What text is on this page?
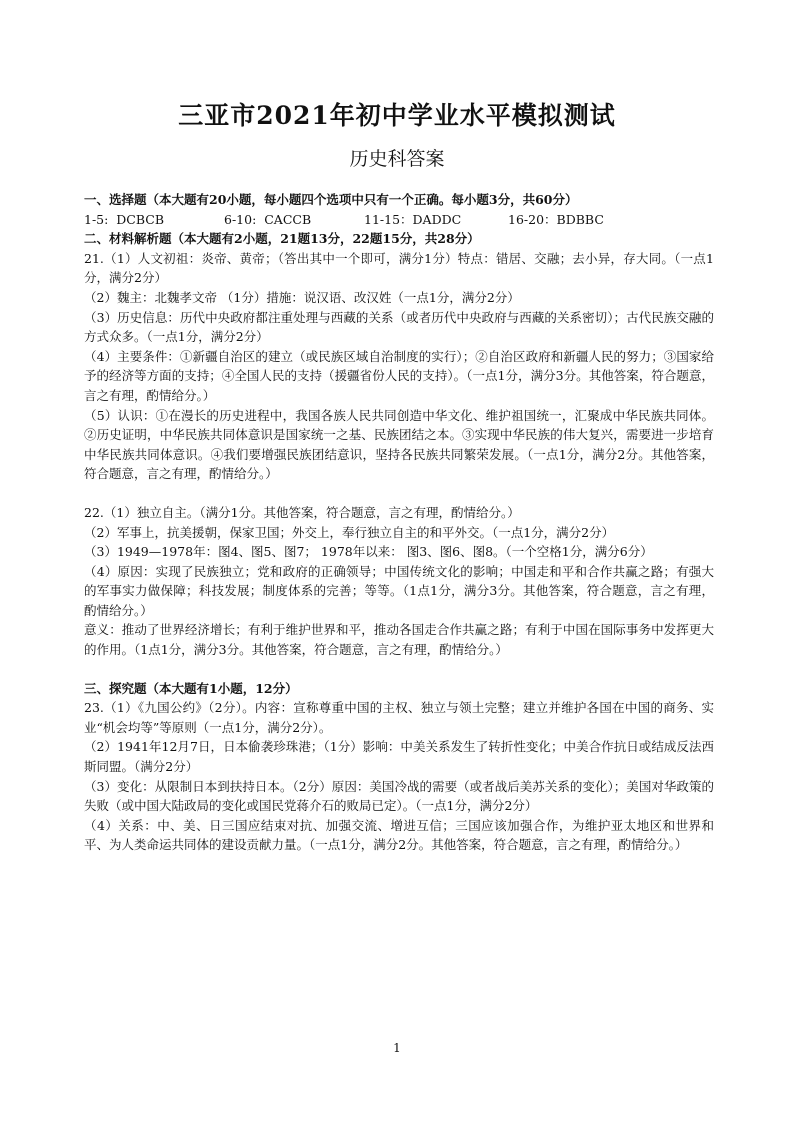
三亚市2021年初中学业水平模拟测试
历史科答案

一、选择题（本大题有20小题，每小题四个选项中只有一个正确。每小题3分，共60分）

1-5:  DCBCB	6-10:  CACCB	11-15：DADDC	16-20：BDBBC

二、材料解析题（本大题有2小题，21题13分，22题15分，共28分）

21.（1）人文初祖：炎帝、黄帝；（答出其中一个即可，满分1分）特点：错居、交融；去小异，存大同。（一点1分，满分2分）

（2）魏主：北魏孝文帝 （1分）措施：说汉语、改汉姓（一点1分，满分2分）

（3）历史信息：历代中央政府都注重处理与西藏的关系（或者历代中央政府与西藏的关系密切）；古代民族交融的方式众多。（一点1分，满分2分）

（4）主要条件：①新疆自治区的建立（或民族区域自治制度的实行）；②自治区政府和新疆人民的努力；③国家给予的经济等方面的支持；④全国人民的支持（援疆省份人民的支持）。（一点1分，满分3分。其他答案，符合题意，言之有理，酌情给分。）

（5）认识：①在漫长的历史进程中，我国各族人民共同创造中华文化、维护祖国统一，汇聚成中华民族共同体。②历史证明，中华民族共同体意识是国家统一之基、民族团结之本。③实现中华民族的伟大复兴，需要进一步培育中华民族共同体意识。④我们要增强民族团结意识，坚持各民族共同繁荣发展。（一点1分，满分2分。其他答案，符合题意，言之有理，酌情给分。）

22.（1）独立自主。（满分1分。其他答案，符合题意，言之有理，酌情给分。）

（2）军事上，抗美援朝，保家卫国；外交上，奉行独立自主的和平外交。（一点1分，满分2分）

（3）1949—1978年：图4、图5、图7； 1978年以来： 图3、图6、图8。（一个空格1分，满分6分）

（4）原因：实现了民族独立；党和政府的正确领导；中国传统文化的影响；中国走和平和合作共赢之路；有强大的军事实力做保障；科技发展；制度体系的完善；等等。（1点1分，满分3分。其他答案，符合题意，言之有理，酌情给分。）

意义：推动了世界经济增长；有利于维护世界和平，推动各国走合作共赢之路；有利于中国在国际事务中发挥更大的作用。（1点1分，满分3分。其他答案，符合题意，言之有理，酌情给分。）

三、探究题（本大题有1小题，12分）

23.（1）《九国公约》（2分）。内容：宣称尊重中国的主权、独立与领土完整；建立并维护各国在中国的商务、实业“机会均等”等原则（一点1分，满分2分）。

（2）1941年12月7日，日本偷袭珍珠港；（1分）影响：中美关系发生了转折性变化；中美合作抗日或结成反法西斯同盟。（满分2分）

（3）变化：从限制日本到扶持日本。（2分）原因：美国冷战的需要（或者战后美苏关系的变化）；美国对华政策的失败（或中国大陆政局的变化或国民党蒋介石的败局已定）。（一点1分，满分2分）

（4）关系：中、美、日三国应结束对抗、加强交流、增进互信；三国应该加强合作，为维护亚太地区和世界和平、为人类命运共同体的建设贡献力量。（一点1分，满分2分。其他答案，符合题意，言之有理，酌情给分。）

1
